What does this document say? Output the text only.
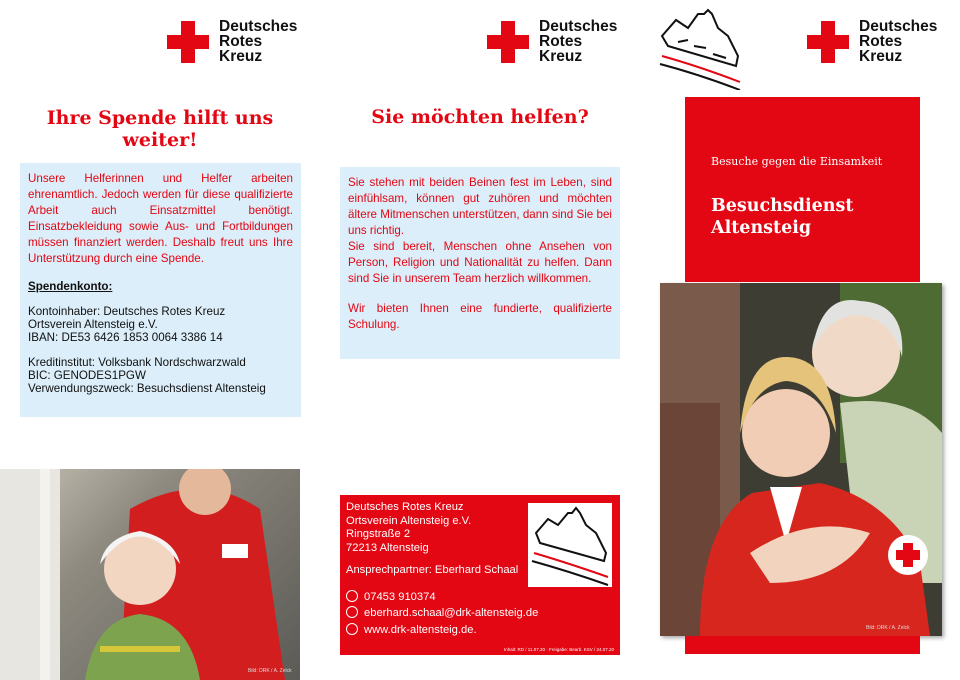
Deutsches
Rotes
Kreuz
Ihre Spende hilft uns weiter!
Unsere Helferinnen und Helfer arbeiten ehrenamtlich. Jedoch werden für diese qualifizierte Arbeit auch Einsatzmittel benötigt. Einsatzbekleidung sowie Aus- und Fortbildungen müssen finanziert werden. Deshalb freut uns Ihre Unterstützung durch eine Spende.
Spendenkonto:
Kontoinhaber: Deutsches Rotes Kreuz
Ortsverein Altensteig e.V.
IBAN: DE53 6426 1853 0064 3386 14
Kreditinstitut: Volksbank Nordschwarzwald
BIC: GENODES1PGW
Verwendungszweck: Besuchsdienst Altensteig
Bild: DRK / A. Zelck
Deutsches
Rotes
Kreuz
Sie möchten helfen?
Sie stehen mit beiden Beinen fest im Leben, sind einfühlsam, können gut zuhören und möchten ältere Mitmenschen unterstützen, dann sind Sie bei uns richtig.
Sie sind bereit, Menschen ohne Ansehen von Person, Religion und Nationalität zu helfen. Dann sind Sie in unserem Team herzlich willkommen.
Wir bieten Ihnen eine fundierte, qualifizierte Schulung.
Deutsches Rotes Kreuz
Ortsverein Altensteig e.V.
Ringstraße 2
72213 Altensteig
Ansprechpartner: Eberhard Schaal
07453 910374
eberhard.schaal@drk-altensteig.de
www.drk-altensteig.de.
Inhalt: RD / 11.07.20 · Freigabe: Bearb. KSV / 24.07.20
Deutsches
Rotes
Kreuz
Besuche gegen die Einsamkeit
Besuchsdienst
Altensteig
Bild: DRK / A. Zelck
